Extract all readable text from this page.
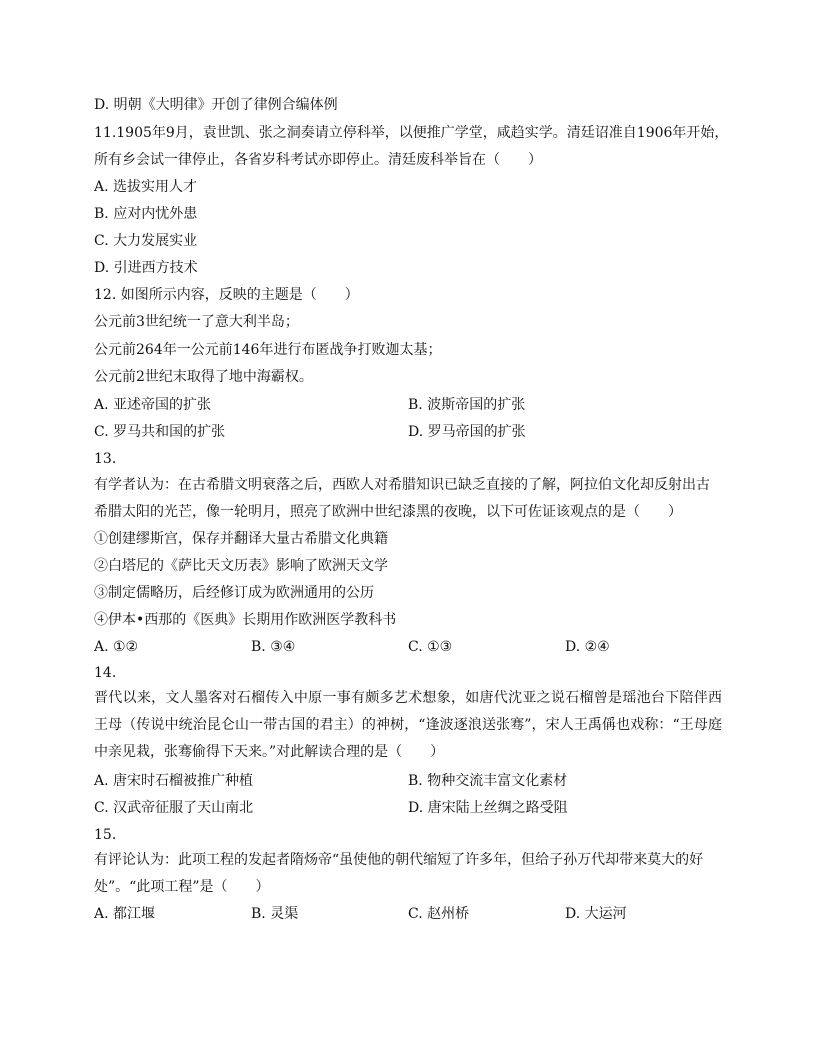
D. 明朝《大明律》开创了律例合编体例
11.1905年9月，袁世凯、张之洞奏请立停科举，以便推广学堂，咸趋实学。清廷诏准自1906年开始，
所有乡会试一律停止，各省岁科考试亦即停止。清廷废科举旨在（　　）
A. 选拔实用人才
B. 应对内忧外患
C. 大力发展实业
D. 引进西方技术
12. 如图所示内容，反映的主题是（　　）
公元前3世纪统一了意大利半岛；
公元前264年一公元前146年进行布匿战争打败迦太基；
公元前2世纪末取得了地中海霸权。
A. 亚述帝国的扩张	B. 波斯帝国的扩张
C. 罗马共和国的扩张	D. 罗马帝国的扩张
13.
有学者认为：在古希腊文明衰落之后，西欧人对希腊知识已缺乏直接的了解，阿拉伯文化却反射出古
希腊太阳的光芒，像一轮明月，照亮了欧洲中世纪漆黑的夜晚，以下可佐证该观点的是（　　）
①创建缪斯宫，保存并翻译大量古希腊文化典籍
②白塔尼的《萨比天文历表》影响了欧洲天文学
③制定儒略历，后经修订成为欧洲通用的公历
④伊本•西那的《医典》长期用作欧洲医学教科书
A. ①②	B. ③④	C. ①③	D. ②④
14.
晋代以来，文人墨客对石榴传入中原一事有颇多艺术想象，如唐代沈亚之说石榴曾是瑶池台下陪伴西王母（传说中统治昆仑山一带古国的君主）的神树，“逢波逐浪送张骞”，宋人王禹偁也戏称：“王母庭中亲见栽，张骞偷得下天来。”对此解读合理的是（　　）
A. 唐宋时石榴被推广种植	B. 物种交流丰富文化素材
C. 汉武帝征服了天山南北	D. 唐宋陆上丝绸之路受阻
15.
有评论认为：此项工程的发起者隋炀帝“虽使他的朝代缩短了许多年，但给子孙万代却带来莫大的好
处”。“此项工程”是（　　）
A. 都江堰	B. 灵渠	C. 赵州桥	D. 大运河
